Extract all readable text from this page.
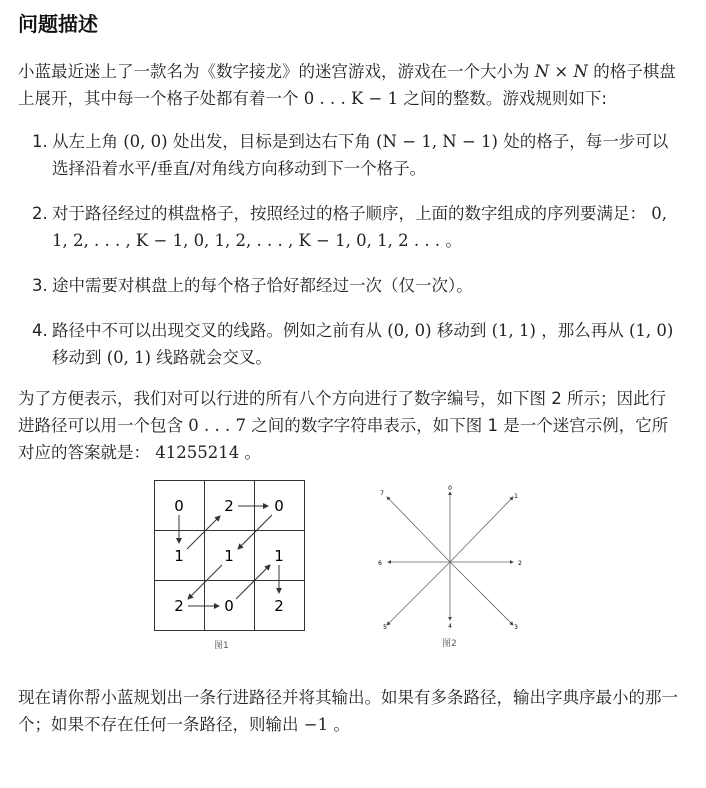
问题描述

小蓝最近迷上了一款名为《数字接龙》的迷宫游戏，游戏在一个大小为 N × N 的格子棋盘上展开，其中每一个格子处都有着一个 0 . . . K − 1 之间的整数。游戏规则如下:

1. 从左上角 (0, 0) 处出发，目标是到达右下角 (N − 1, N − 1) 处的格子，每一步可以选择沿着水平/垂直/对角线方向移动到下一个格子。
2. 对于路径经过的棋盘格子，按照经过的格子顺序，上面的数字组成的序列要满足： 0, 1, 2, . . . , K − 1, 0, 1, 2, . . . , K − 1, 0, 1, 2 . . . 。
3. 途中需要对棋盘上的每个格子恰好都经过一次（仅一次）。
4. 路径中不可以出现交叉的线路。例如之前有从 (0, 0) 移动到 (1, 1) ，那么再从 (1, 0) 移动到 (0, 1) 线路就会交叉。

为了方便表示，我们对可以行进的所有八个方向进行了数字编号，如下图 2 所示；因此行进路径可以用一个包含 0 . . . 7 之间的数字字符串表示，如下图 1 是一个迷宫示例，它所对应的答案就是： 41255214 。

0	2	0
1	1	1
2	0	2
图1
0
1
2
3
4
5
6
7
图2

现在请你帮小蓝规划出一条行进路径并将其输出。如果有多条路径，输出字典序最小的那一个；如果不存在任何一条路径，则输出 −1 。
